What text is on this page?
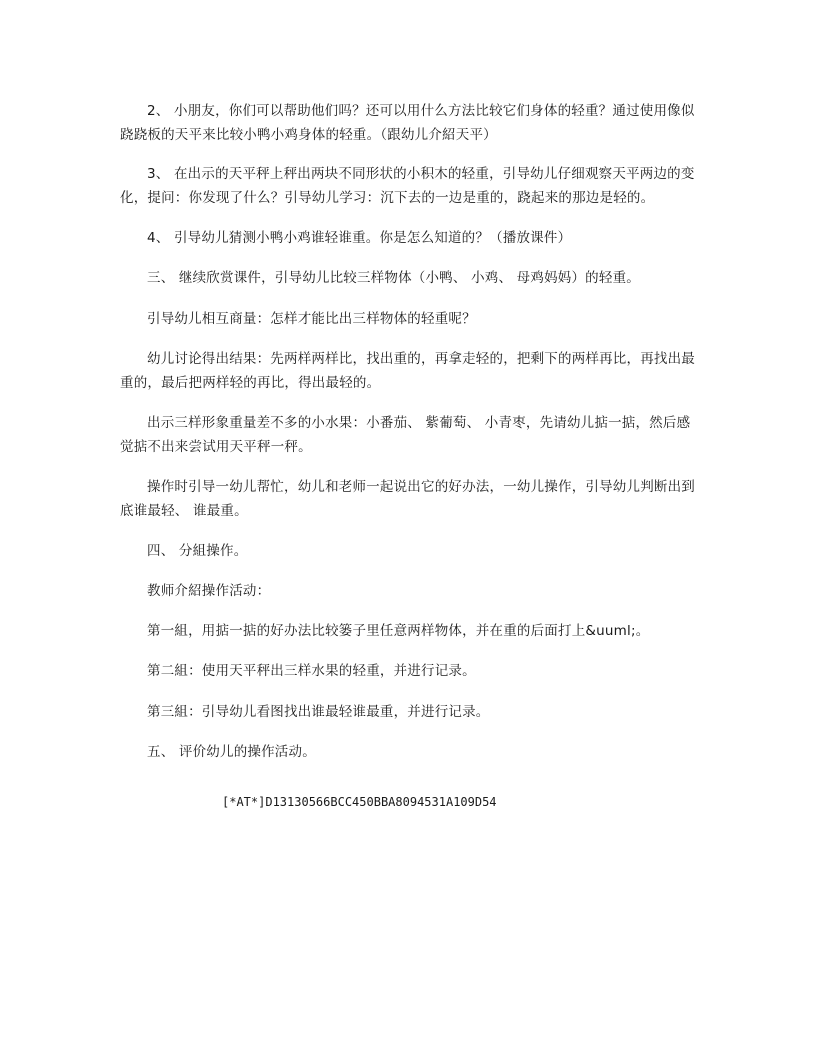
2、 小朋友，你们可以帮助他们吗？还可以用什么方法比较它们身体的轻重？通过使用像似跷跷板的天平来比较小鸭小鸡身体的轻重。（跟幼儿介紹天平）

3、 在出示的天平秤上秤出两块不同形状的小积木的轻重，引导幼儿仔细观察天平两边的变化，提问：你发现了什么？引导幼儿学习：沉下去的一边是重的，跷起来的那边是轻的。

4、 引导幼儿猜测小鸭小鸡谁轻谁重。你是怎么知道的？（播放课件）

三、 继续欣赏课件，引导幼儿比较三样物体（小鸭、 小鸡、 母鸡妈妈）的轻重。

引导幼儿相互商量：怎样才能比出三样物体的轻重呢？

幼儿讨论得出结果：先两样两样比，找出重的，再拿走轻的，把剩下的两样再比，再找出最重的，最后把两样轻的再比，得出最轻的。

出示三样形象重量差不多的小水果：小番茄、 紫葡萄、 小青枣，先请幼儿掂一掂，然后感觉掂不出来尝试用天平秤一秤。

操作时引导一幼儿帮忙，幼儿和老师一起说出它的好办法，一幼儿操作，引导幼儿判断出到底谁最轻、 谁最重。

四、 分組操作。

教师介紹操作活动：

第一組，用掂一掂的好办法比较篓子里任意两样物体，并在重的后面打上&uuml;。

第二組：使用天平秤出三样水果的轻重，并进行记录。

第三組：引导幼儿看图找出谁最轻谁最重，并进行记录。

五、 评价幼儿的操作活动。

[*AT*]D13130566BCC450BBA8094531A109D54
